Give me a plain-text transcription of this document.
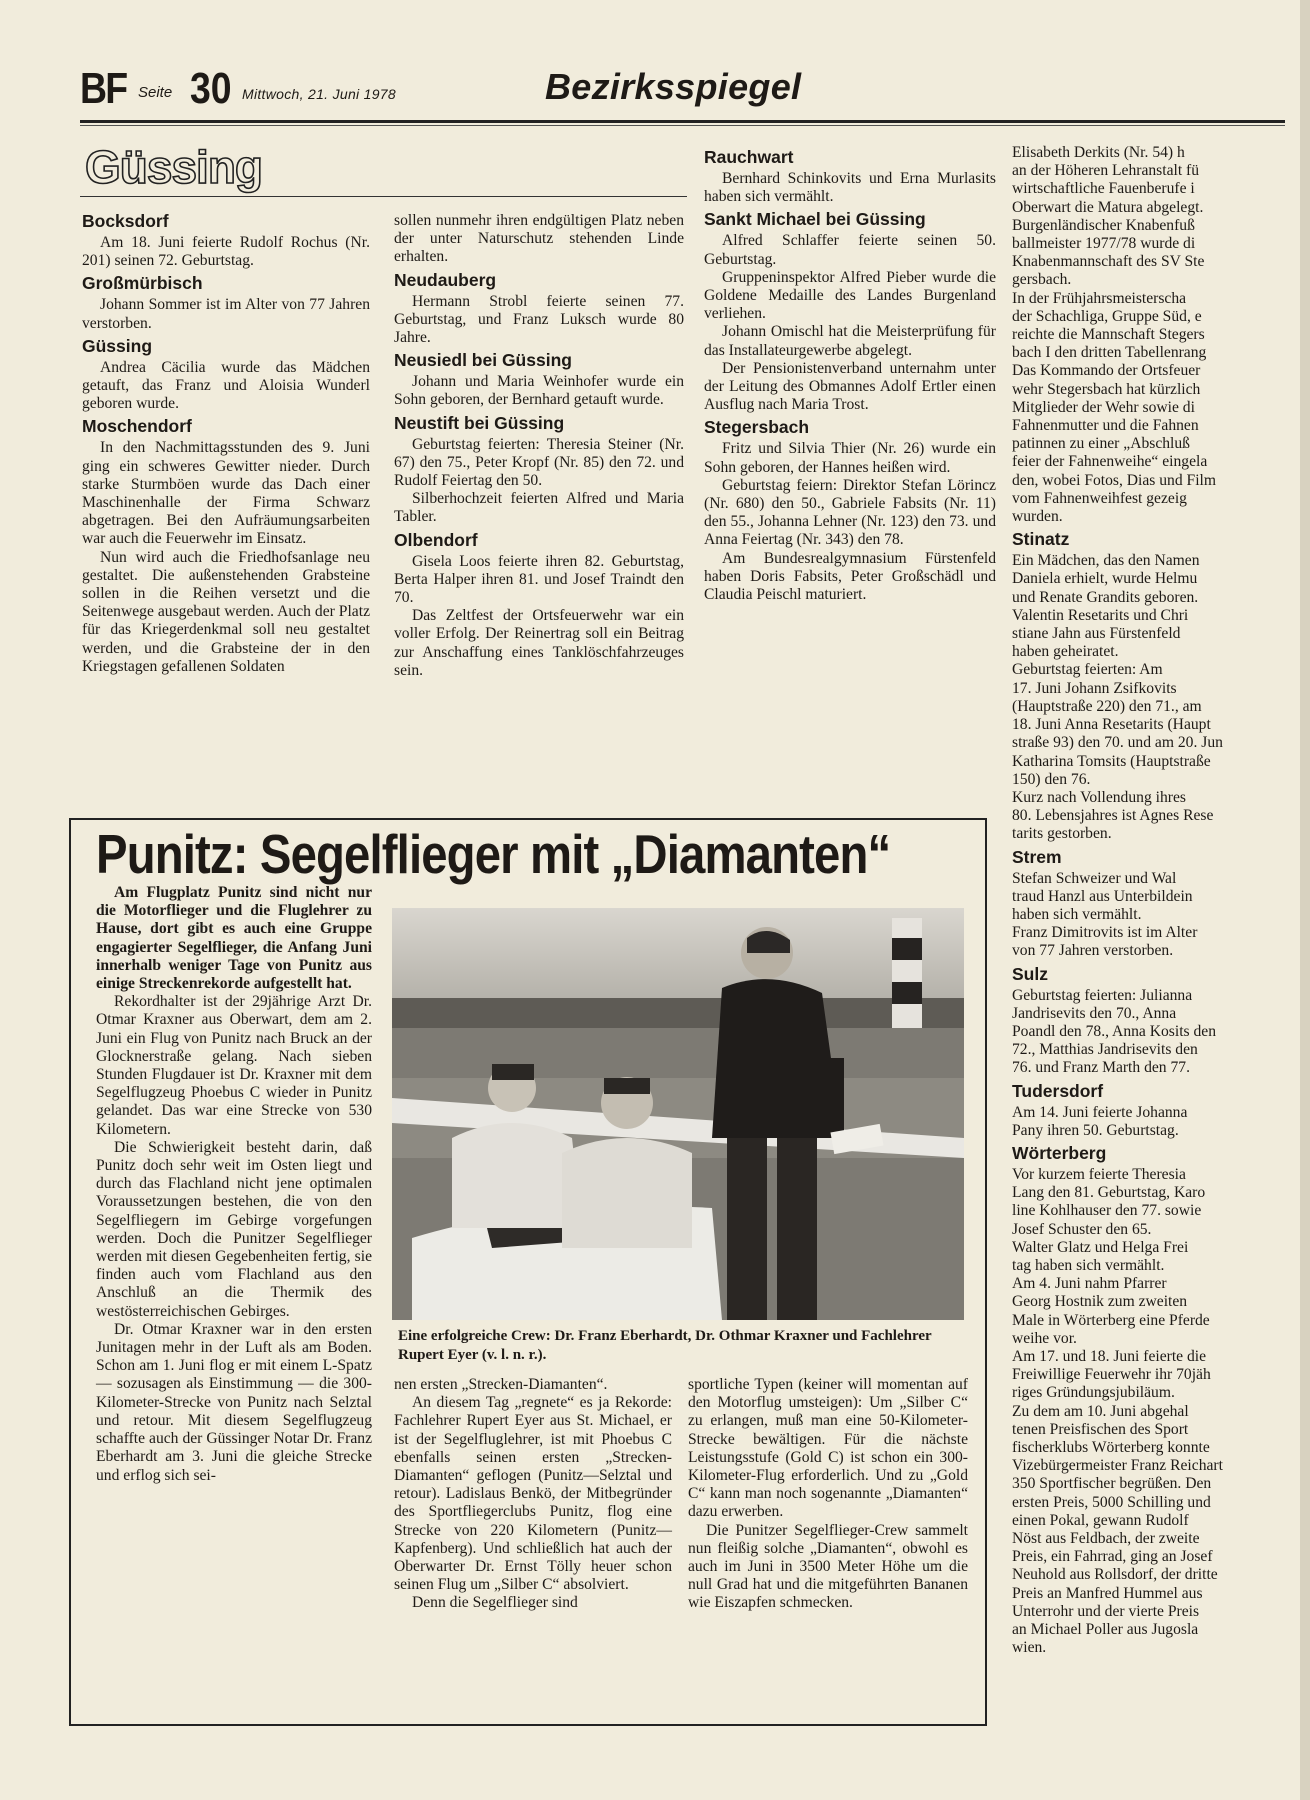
BF Seite 30 Mittwoch, 21. Juni 1978	Bezirksspiegel
Güssing
Bocksdorf

Am 18. Juni feierte Rudolf Rochus (Nr. 201) seinen 72. Geburtstag.

Großmürbisch

Johann Sommer ist im Alter von 77 Jahren verstorben.

Güssing

Andrea Cäcilia wurde das Mädchen getauft, das Franz und Aloisia Wunderl geboren wurde.

Moschendorf

In den Nachmittagsstunden des 9. Juni ging ein schweres Gewitter nieder. Durch starke Sturmböen wurde das Dach einer Maschinenhalle der Firma Schwarz abgetragen. Bei den Aufräumungsarbeiten war auch die Feuerwehr im Einsatz.

Nun wird auch die Friedhofsanlage neu gestaltet. Die außenstehenden Grabsteine sollen in die Reihen versetzt und die Seitenwege ausgebaut werden. Auch der Platz für das Kriegerdenkmal soll neu gestaltet werden, und die Grabsteine der in den Kriegstagen gefallenen Soldaten

sollen nunmehr ihren endgültigen Platz neben der unter Naturschutz stehenden Linde erhalten.

Neudauberg

Hermann Strobl feierte seinen 77. Geburtstag, und Franz Luksch wurde 80 Jahre.

Neusiedl bei Güssing

Johann und Maria Weinhofer wurde ein Sohn geboren, der Bernhard getauft wurde.

Neustift bei Güssing

Geburtstag feierten: Theresia Steiner (Nr. 67) den 75., Peter Kropf (Nr. 85) den 72. und Rudolf Feiertag den 50.

Silberhochzeit feierten Alfred und Maria Tabler.

Olbendorf

Gisela Loos feierte ihren 82. Geburtstag, Berta Halper ihren 81. und Josef Traindt den 70.

Das Zeltfest der Ortsfeuerwehr war ein voller Erfolg. Der Reinertrag soll ein Beitrag zur Anschaffung eines Tanklöschfahrzeuges sein.

Rauchwart

Bernhard Schinkovits und Erna Murlasits haben sich vermählt.

Sankt Michael bei Güssing

Alfred Schlaffer feierte seinen 50. Geburtstag.

Gruppeninspektor Alfred Pieber wurde die Goldene Medaille des Landes Burgenland verliehen.

Johann Omischl hat die Meisterprüfung für das Installateurgewerbe abgelegt.

Der Pensionistenverband unternahm unter der Leitung des Obmannes Adolf Ertler einen Ausflug nach Maria Trost.

Stegersbach

Fritz und Silvia Thier (Nr. 26) wurde ein Sohn geboren, der Hannes heißen wird.

Geburtstag feiern: Direktor Stefan Lörincz (Nr. 680) den 50., Gabriele Fabsits (Nr. 11) den 55., Johanna Lehner (Nr. 123) den 73. und Anna Feiertag (Nr. 343) den 78.

Am Bundesrealgymnasium Fürstenfeld haben Doris Fabsits, Peter Großschädl und Claudia Peischl maturiert.

Elisabeth Derkits (Nr. 54) h

an der Höheren Lehranstalt fü

wirtschaftliche Fauenberufe i

Oberwart die Matura abgelegt.

Burgenländischer Knabenfuß

ballmeister 1977/78 wurde di

Knabenmannschaft des SV Ste

gersbach.

In der Frühjahrsmeisterscha

der Schachliga, Gruppe Süd, e

reichte die Mannschaft Stegers

bach I den dritten Tabellenrang

Das Kommando der Ortsfeuer

wehr Stegersbach hat kürzlich

Mitglieder der Wehr sowie di

Fahnenmutter und die Fahnen

patinnen zu einer „Abschluß

feier der Fahnenweihe“ eingela

den, wobei Fotos, Dias und Film

vom Fahnenweihfest gezeig

wurden.

Stinatz

Ein Mädchen, das den Namen

Daniela erhielt, wurde Helmu

und Renate Grandits geboren.

Valentin Resetarits und Chri

stiane Jahn aus Fürstenfeld

haben geheiratet.

Geburtstag feierten: Am

17. Juni Johann Zsifkovits

(Hauptstraße 220) den 71., am

18. Juni Anna Resetarits (Haupt

straße 93) den 70. und am 20. Jun

Katharina Tomsits (Hauptstraße

150) den 76.

Kurz nach Vollendung ihres

80. Lebensjahres ist Agnes Rese

tarits gestorben.

Strem

Stefan Schweizer und Wal

traud Hanzl aus Unterbildein

haben sich vermählt.

Franz Dimitrovits ist im Alter

von 77 Jahren verstorben.

Sulz

Geburtstag feierten: Julianna

Jandrisevits den 70., Anna

Poandl den 78., Anna Kosits den

72., Matthias Jandrisevits den

76. und Franz Marth den 77.

Tudersdorf

Am 14. Juni feierte Johanna

Pany ihren 50. Geburtstag.

Wörterberg

Vor kurzem feierte Theresia

Lang den 81. Geburtstag, Karo

line Kohlhauser den 77. sowie

Josef Schuster den 65.

Walter Glatz und Helga Frei

tag haben sich vermählt.

Am 4. Juni nahm Pfarrer

Georg Hostnik zum zweiten

Male in Wörterberg eine Pferde

weihe vor.

Am 17. und 18. Juni feierte die

Freiwillige Feuerwehr ihr 70jäh

riges Gründungsjubiläum.

Zu dem am 10. Juni abgehal

tenen Preisfischen des Sport

fischerklubs Wörterberg konnte

Vizebürgermeister Franz Reichart

350 Sportfischer begrüßen. Den

ersten Preis, 5000 Schilling und

einen Pokal, gewann Rudolf

Nöst aus Feldbach, der zweite

Preis, ein Fahrrad, ging an Josef

Neuhold aus Rollsdorf, der dritte

Preis an Manfred Hummel aus

Unterrohr und der vierte Preis

an Michael Poller aus Jugosla

wien.

Punitz: Segelflieger mit „Diamanten“

Am Flugplatz Punitz sind nicht nur die Motorflieger und die Fluglehrer zu Hause, dort gibt es auch eine Gruppe engagierter Segelflieger, die Anfang Juni innerhalb weniger Tage von Punitz aus einige Streckenrekorde aufgestellt hat.

Rekordhalter ist der 29jährige Arzt Dr. Otmar Kraxner aus Oberwart, dem am 2. Juni ein Flug von Punitz nach Bruck an der Glocknerstraße gelang. Nach sieben Stunden Flugdauer ist Dr. Kraxner mit dem Segelflugzeug Phoebus C wieder in Punitz gelandet. Das war eine Strecke von 530 Kilometern.

Die Schwierigkeit besteht darin, daß Punitz doch sehr weit im Osten liegt und durch das Flachland nicht jene optimalen Voraussetzungen bestehen, die von den Segelfliegern im Gebirge vorgefungen werden. Doch die Punitzer Segelflieger werden mit diesen Gegebenheiten fertig, sie finden auch vom Flachland aus den Anschluß an die Thermik des westösterreichischen Gebirges.

Dr. Otmar Kraxner war in den ersten Junitagen mehr in der Luft als am Boden. Schon am 1. Juni flog er mit einem L-Spatz — sozusagen als Einstimmung — die 300-Kilometer-Strecke von Punitz nach Selztal und retour. Mit diesem Segelflugzeug schaffte auch der Güssinger Notar Dr. Franz Eberhardt am 3. Juni die gleiche Strecke und erflog sich sei-

Eine erfolgreiche Crew: Dr. Franz Eberhardt, Dr. Othmar Kraxner und Fachlehrer Rupert Eyer (v. l. n. r.).

nen ersten „Strecken-Diamanten“.

An diesem Tag „regnete“ es ja Rekorde: Fachlehrer Rupert Eyer aus St. Michael, er ist der Segelfluglehrer, ist mit Phoebus C ebenfalls seinen ersten „Strecken-Diamanten“ geflogen (Punitz—Selztal und retour). Ladislaus Benkö, der Mitbegründer des Sportfliegerclubs Punitz, flog eine Strecke von 220 Kilometern (Punitz—Kapfenberg). Und schließlich hat auch der Oberwarter Dr. Ernst Tölly heuer schon seinen Flug um „Silber C“ absolviert.

Denn die Segelflieger sind

sportliche Typen (keiner will momentan auf den Motorflug umsteigen): Um „Silber C“ zu erlangen, muß man eine 50-Kilometer-Strecke bewältigen. Für die nächste Leistungsstufe (Gold C) ist schon ein 300-Kilometer-Flug erforderlich. Und zu „Gold C“ kann man noch sogenannte „Diamanten“ dazu erwerben.

Die Punitzer Segelflieger-Crew sammelt nun fleißig solche „Diamanten“, obwohl es auch im Juni in 3500 Meter Höhe um die null Grad hat und die mitgeführten Bananen wie Eiszapfen schmecken.
